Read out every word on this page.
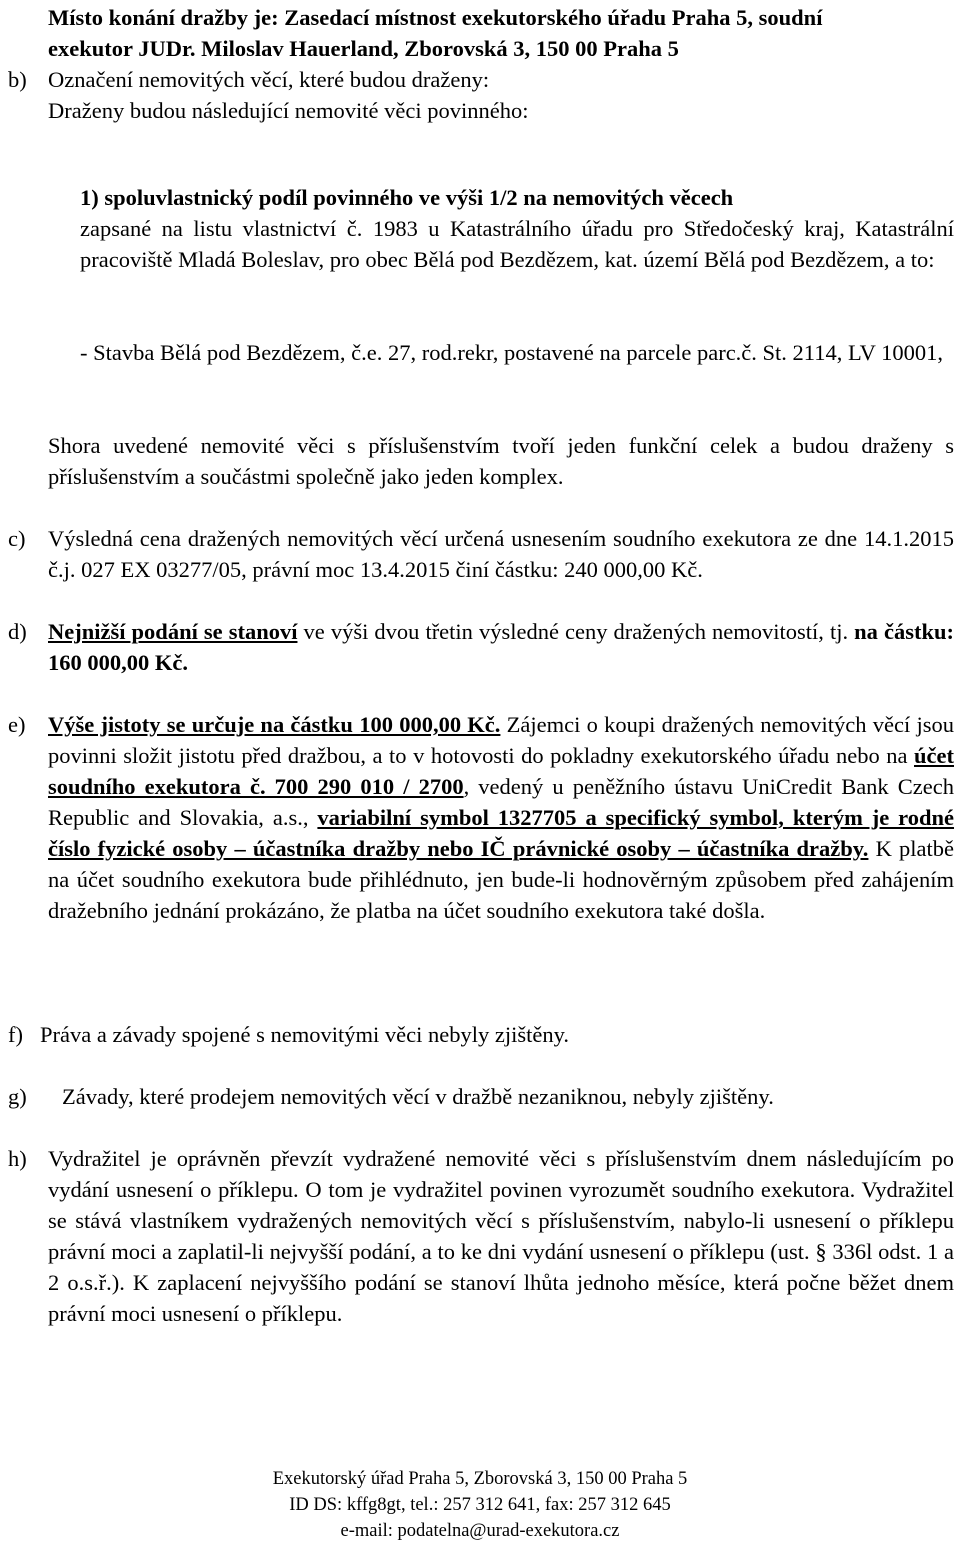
Místo konání dražby je: Zasedací místnost exekutorského úřadu Praha 5, soudní
exekutor JUDr. Miloslav Hauerland, Zborovská 3, 150 00 Praha 5

b) Označení nemovitých věcí, které budou draženy:
Draženy budou následující nemovité věci povinného:

1) spoluvlastnický podíl povinného ve výši 1/2 na nemovitých věcech

zapsané na listu vlastnictví č. 1983 u Katastrálního úřadu pro Středočeský kraj, Katastrální pracoviště Mladá Boleslav, pro obec Bělá pod Bezdězem, kat. území Bělá pod Bezdězem, a to:

- Stavba Bělá pod Bezdězem, č.e. 27, rod.rekr, postavené na parcele parc.č. St. 2114, LV 10001,

Shora uvedené nemovité věci s příslušenstvím tvoří jeden funkční celek a budou draženy s příslušenstvím a součástmi společně jako jeden komplex.

c)	Výsledná cena dražených nemovitých věcí určená usnesením soudního exekutora ze dne 14.1.2015 č.j. 027 EX 03277/05, právní moc 13.4.2015 činí částku: 240 000,00 Kč.
d) Nejnižší podání se stanoví ve výši dvou třetin výsledné ceny dražených nemovitostí, tj. na částku: 160 000,00 Kč.
e)	Výše jistoty se určuje na částku 100 000,00 Kč. Zájemci o koupi dražených nemovitých věcí jsou povinni složit jistotu před dražbou, a to v hotovosti do pokladny exekutorského úřadu nebo na účet soudního exekutora č. 700 290 010 / 2700, vedený u peněžního ústavu UniCredit Bank Czech Republic and Slovakia, a.s., variabilní symbol 1327705 a specifický symbol, kterým je rodné číslo fyzické osoby – účastníka dražby nebo IČ právnické osoby – účastníka dražby. K platbě na účet soudního exekutora bude přihlédnuto, jen bude-li hodnověrným způsobem před zahájením dražebního jednání prokázáno, že platba na účet soudního exekutora také došla.
f) Práva a závady spojené s nemovitými věci nebyly zjištěny.
g)	Závady, které prodejem nemovitých věcí v dražbě nezaniknou, nebyly zjištěny.
h) Vydražitel je oprávněn převzít vydražené nemovité věci s příslušenstvím dnem následujícím po vydání usnesení o příklepu. O tom je vydražitel povinen vyrozumět soudního exekutora. Vydražitel se stává vlastníkem vydražených nemovitých věcí s příslušenstvím, nabylo-li usnesení o příklepu právní moci a zaplatil-li nejvyšší podání, a to ke dni vydání usnesení o příklepu (ust. § 336l odst. 1 a 2 o.s.ř.). K zaplacení nejvyššího podání se stanoví lhůta jednoho měsíce, která počne běžet dnem právní moci usnesení o příklepu.
Exekutorský úřad Praha 5, Zborovská 3, 150 00 Praha 5
ID DS: kffg8gt, tel.: 257 312 641, fax: 257 312 645
e-mail: podatelna@urad-exekutora.cz
